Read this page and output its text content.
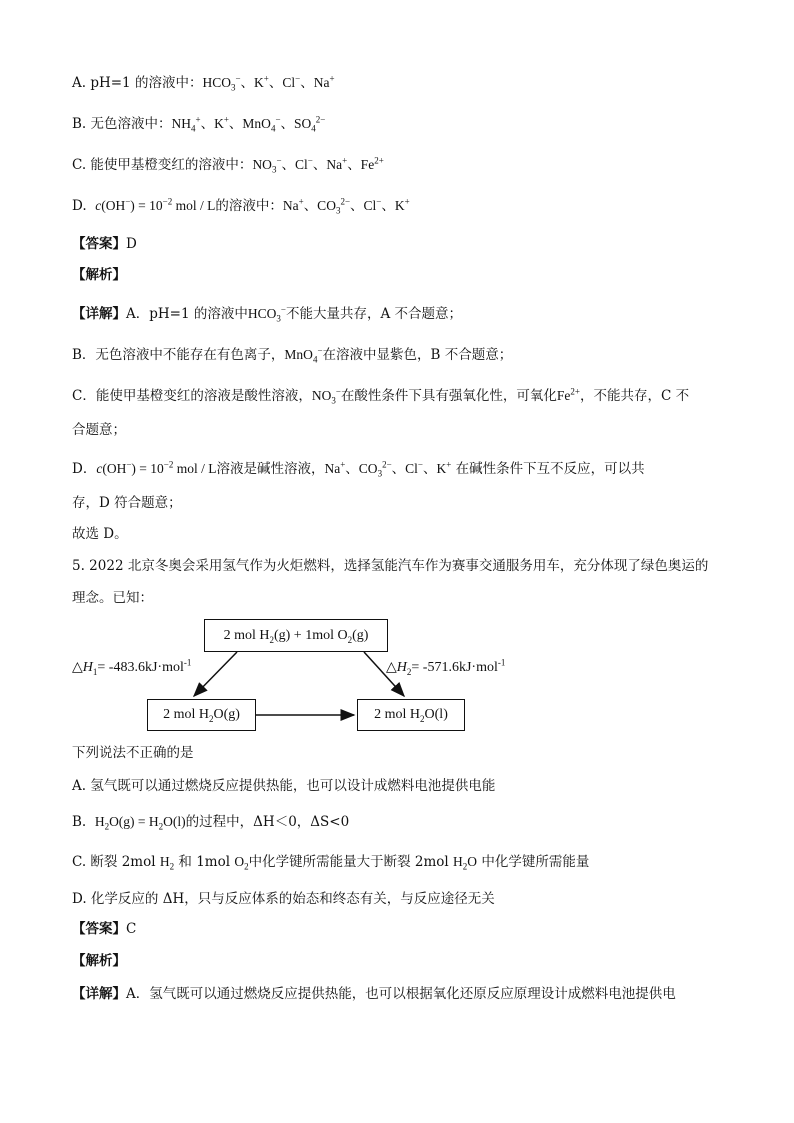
A. pH=1 的溶液中：$HCO_3^-$、K+、Cl−、Na+
B. 无色溶液中：$NH_4^+$、K+、MnO$_4$−、$SO_4^{2-}$
C. 能使甲基橙变红的溶液中：$NO_3^-$、Cl−、Na+、$Fe^{2+}$
D.  $c(OH^-) = 10^{-2}$ mol / L的溶液中：Na+、$CO_3^{2-}$、Cl−、K+
【答案】D
【解析】
【详解】A．pH=1 的溶液中$HCO_3^-$不能大量共存，A 不合题意；
B．无色溶液中不能存在有色离子，MnO$_4$−在溶液中显紫色，B 不合题意；
C．能使甲基橙变红的溶液是酸性溶液，$NO_3^-$在酸性条件下具有强氧化性，可氧化$Fe^{2+}$，不能共存，C 不
合题意；
D．$c(OH^-) = 10^{-2}$ mol / L溶液是碱性溶液，Na+、$CO_3^{2-}$、Cl−、K+ 在碱性条件下互不反应，可以共
存，D 符合题意；
故选 D。
5. 2022 北京冬奥会采用氢气作为火炬燃料，选择氢能汽车作为赛事交通服务用车，充分体现了绿色奥运的
理念。已知：
2 mol $H_2(g) + 1mol$ $O_2(g)$
2 mol $H_2O(g)$	2 mol $H_2O(l)$
$\triangle H_1= -483.6kJ\cdot mol^{-1}$	$\triangle H_2= -571.6kJ\cdot mol^{-1}$
下列说法不正确的是
A. 氢气既可以通过燃烧反应提供热能，也可以设计成燃料电池提供电能
B. $H_2O(g) = H_2O(l)$的过程中，ΔH＜0，ΔS<0
C. 断裂 2mol $H_2$ 和 1mol $O_2$中化学键所需能量大于断裂 2mol $H_2O$ 中化学键所需能量
D. 化学反应的 ΔH，只与反应体系的始态和终态有关，与反应途径无关
【答案】C
【解析】
【详解】A．氢气既可以通过燃烧反应提供热能，也可以根据氧化还原反应原理设计成燃料电池提供电
